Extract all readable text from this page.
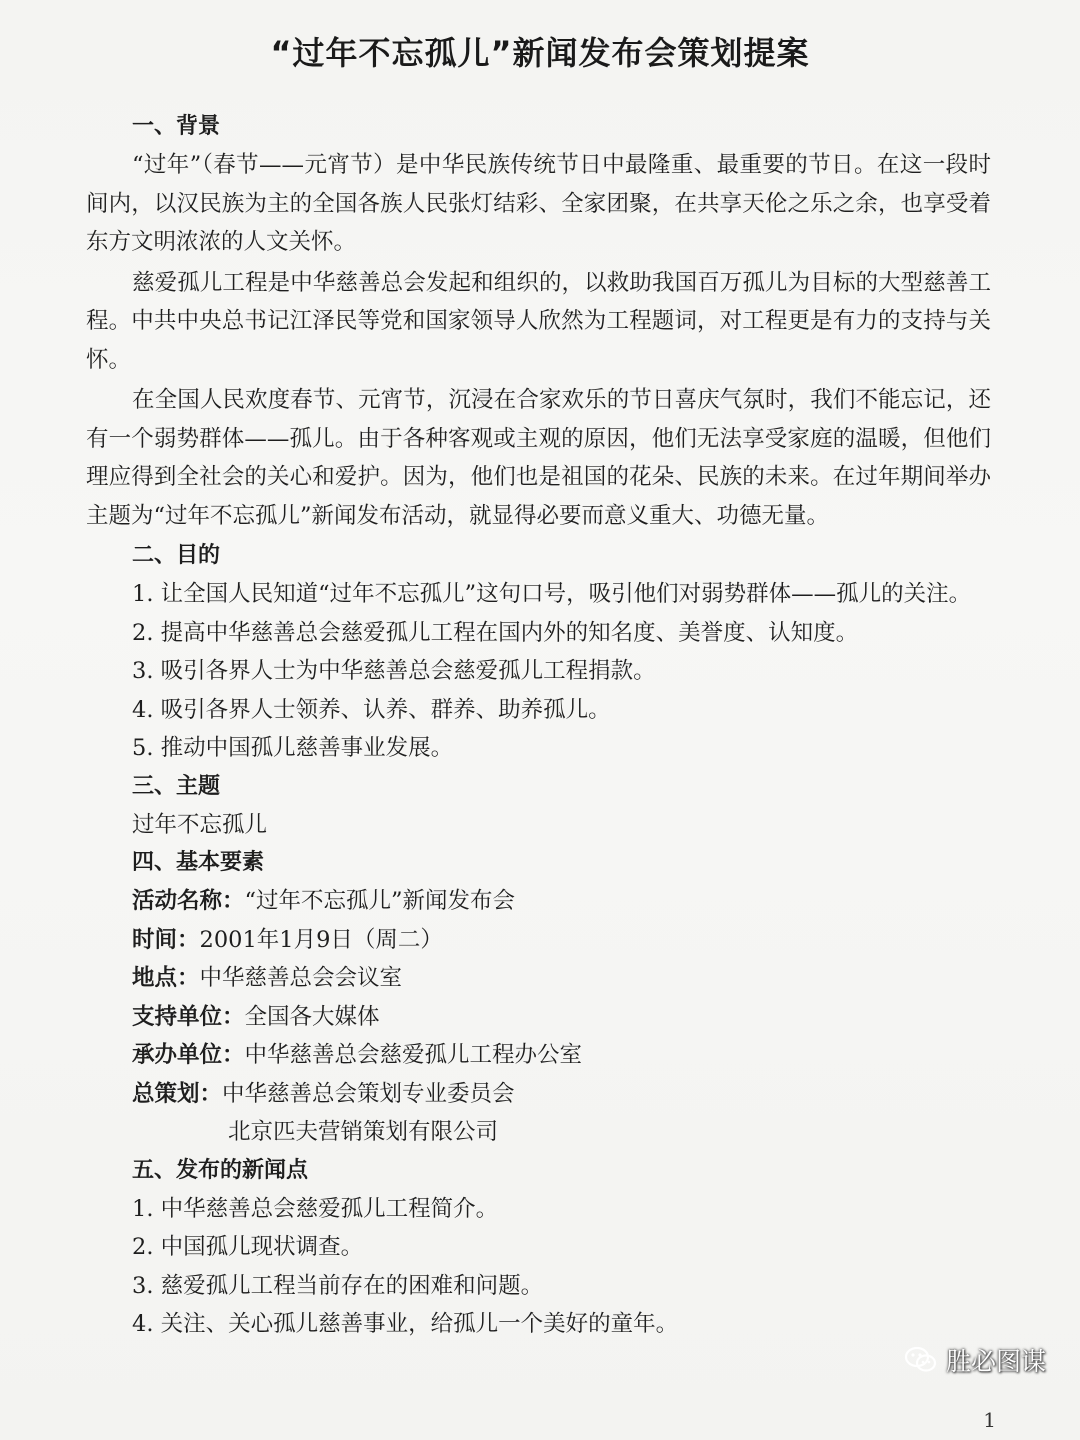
“过年不忘孤儿”新闻发布会策划提案
一、背景
“过年”（春节——元宵节）是中华民族传统节日中最隆重、最重要的节日。在这一段时间内，以汉民族为主的全国各族人民张灯结彩、全家团聚，在共享天伦之乐之余，也享受着东方文明浓浓的人文关怀。
慈爱孤儿工程是中华慈善总会发起和组织的，以救助我国百万孤儿为目标的大型慈善工程。中共中央总书记江泽民等党和国家领导人欣然为工程题词，对工程更是有力的支持与关怀。
在全国人民欢度春节、元宵节，沉浸在合家欢乐的节日喜庆气氛时，我们不能忘记，还有一个弱势群体——孤儿。由于各种客观或主观的原因，他们无法享受家庭的温暖，但他们理应得到全社会的关心和爱护。因为，他们也是祖国的花朵、民族的未来。在过年期间举办主题为“过年不忘孤儿”新闻发布活动，就显得必要而意义重大、功德无量。
二、目的
1. 让全国人民知道“过年不忘孤儿”这句口号，吸引他们对弱势群体——孤儿的关注。
2. 提高中华慈善总会慈爱孤儿工程在国内外的知名度、美誉度、认知度。
3. 吸引各界人士为中华慈善总会慈爱孤儿工程捐款。
4. 吸引各界人士领养、认养、群养、助养孤儿。
5. 推动中国孤儿慈善事业发展。
三、主题
过年不忘孤儿
四、基本要素
活动名称：“过年不忘孤儿”新闻发布会
时间：2001年1月9日（周二）
地点：中华慈善总会会议室
支持单位：全国各大媒体
承办单位：中华慈善总会慈爱孤儿工程办公室
总策划：中华慈善总会策划专业委员会
北京匹夫营销策划有限公司
五、发布的新闻点
1. 中华慈善总会慈爱孤儿工程简介。
2. 中国孤儿现状调查。
3. 慈爱孤儿工程当前存在的困难和问题。
4. 关注、关心孤儿慈善事业，给孤儿一个美好的童年。
胜必图谋
1
